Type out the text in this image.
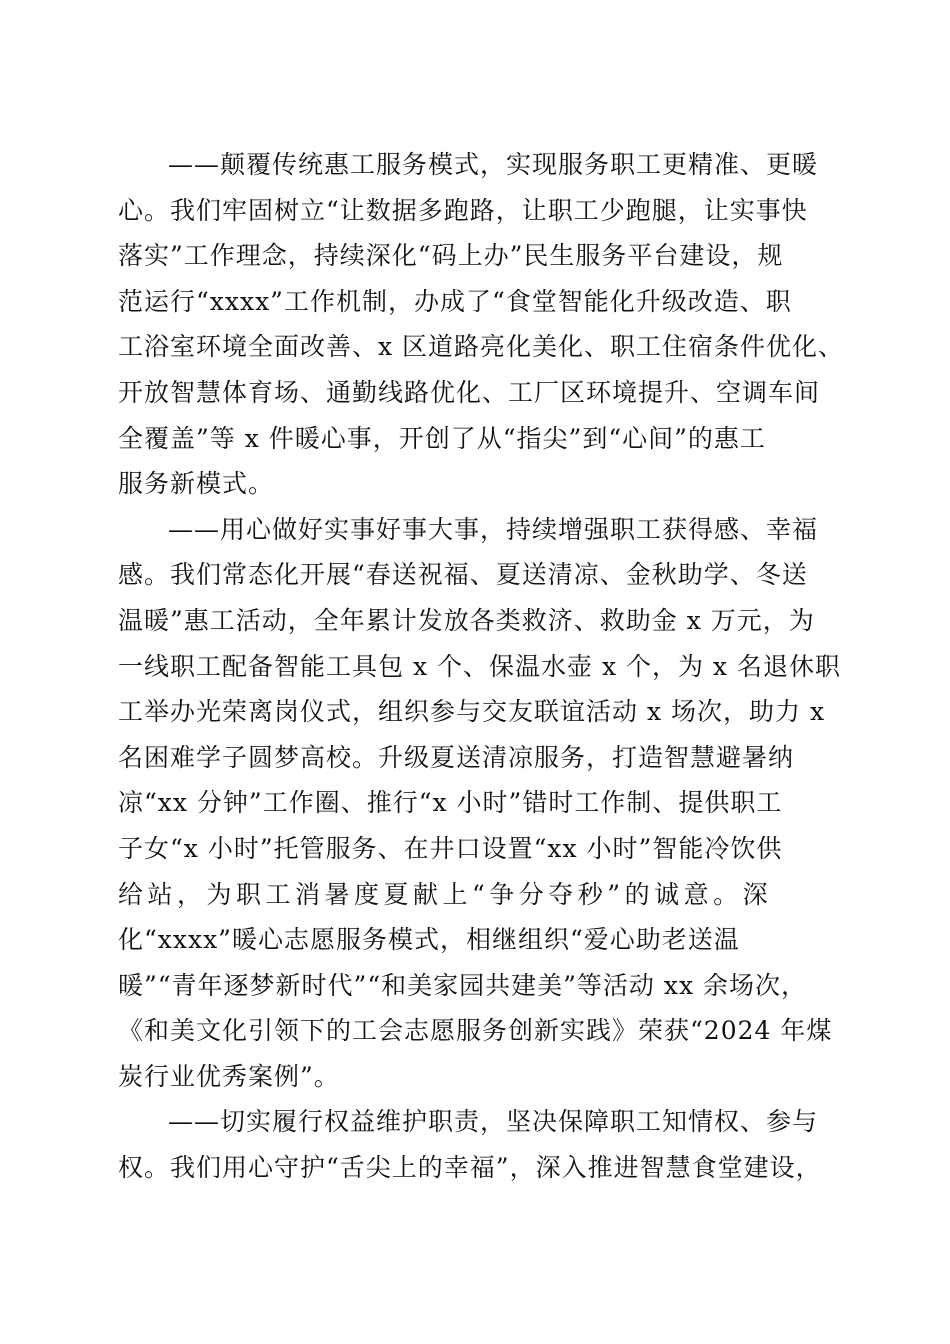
——颠覆传统惠工服务模式，实现服务职工更精准、更暖
心。我们牢固树立“让数据多跑路，让职工少跑腿，让实事快
落实”工作理念，持续深化“码上办”民生服务平台建设，规
范运行“xxxx”工作机制，办成了“食堂智能化升级改造、职
工浴室环境全面改善、x 区道路亮化美化、职工住宿条件优化、
开放智慧体育场、通勤线路优化、工厂区环境提升、空调车间
全覆盖”等 x 件暖心事，开创了从“指尖”到“心间”的惠工
服务新模式。
——用心做好实事好事大事，持续增强职工获得感、幸福
感。我们常态化开展“春送祝福、夏送清凉、金秋助学、冬送
温暖”惠工活动，全年累计发放各类救济、救助金 x 万元，为
一线职工配备智能工具包 x 个、保温水壶 x 个，为 x 名退休职
工举办光荣离岗仪式，组织参与交友联谊活动 x 场次，助力 x
名困难学子圆梦高校。升级夏送清凉服务，打造智慧避暑纳
凉“xx 分钟”工作圈、推行“x 小时”错时工作制、提供职工
子女“x 小时”托管服务、在井口设置“xx 小时”智能冷饮供
给站，为职工消暑度夏献上“争分夺秒”的诚意。深
化“xxxx”暖心志愿服务模式，相继组织“爱心助老送温
暖”“青年逐梦新时代”“和美家园共建美”等活动 xx 余场次，
《和美文化引领下的工会志愿服务创新实践》荣获“2024 年煤
炭行业优秀案例”。
——切实履行权益维护职责，坚决保障职工知情权、参与
权。我们用心守护“舌尖上的幸福”，深入推进智慧食堂建设，
